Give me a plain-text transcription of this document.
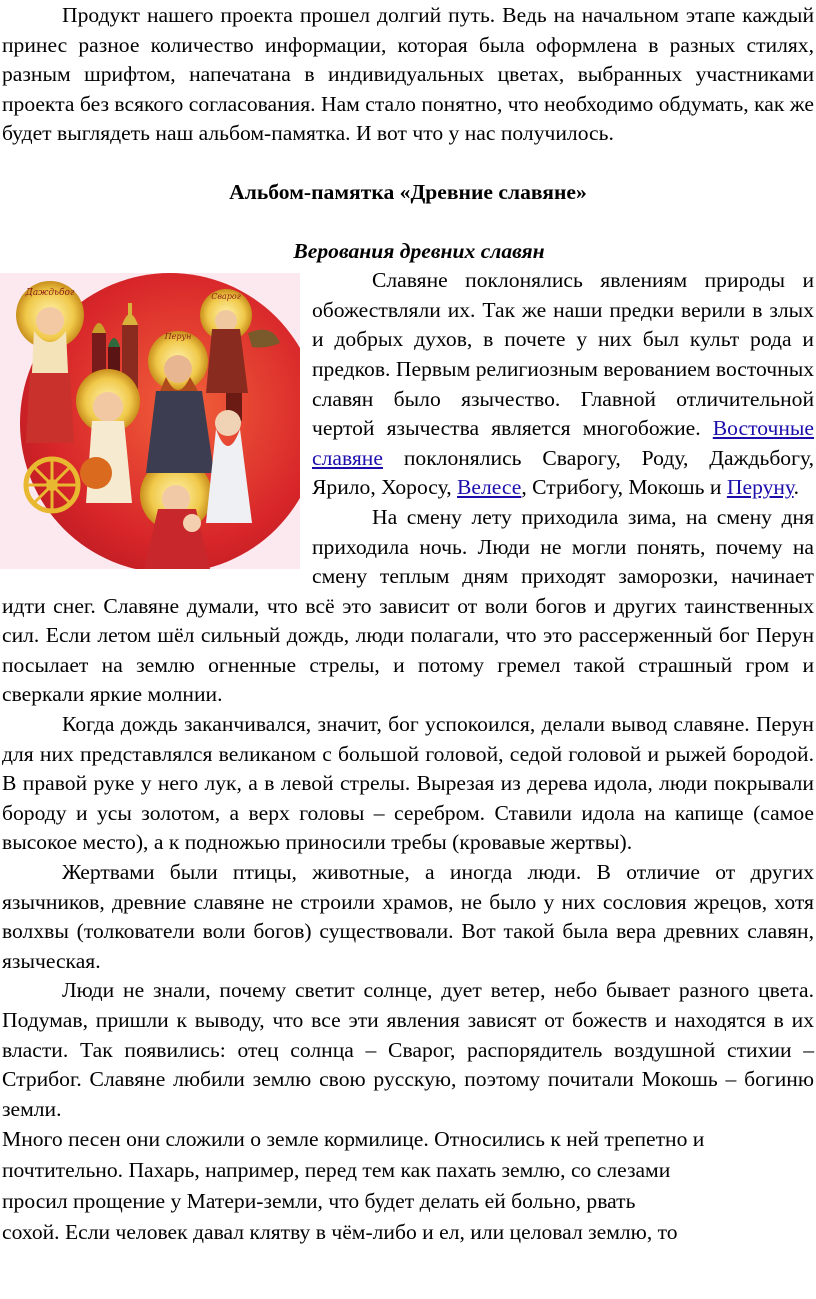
Продукт нашего проекта прошел долгий путь. Ведь на начальном этапе каждый принес разное количество информации, которая была оформлена в разных стилях, разным шрифтом, напечатана в индивидуальных цветах, выбранных участниками проекта без всякого согласования. Нам стало понятно, что необходимо обдумать, как же будет выглядеть наш альбом-памятка. И вот что у нас получилось.

Альбом-памятка «Древние славяне»

Верования древних славян

Даждьбог	Сварог
Перун

Славяне поклонялись явлениям природы и обожествляли их. Так же наши предки верили в злых и добрых духов, в почете у них был культ рода и предков. Первым религиозным верованием восточных славян было язычество. Главной отличительной чертой язычества является многобожие. Восточные славяне поклонялись Сварогу, Роду, Даждьбогу, Ярило, Хоросу, Велесе, Стрибогу, Мокошь и Перуну.

На смену лету приходила зима, на смену дня приходила ночь. Люди не могли понять, почему на смену теплым дням приходят заморозки, начинает идти снег. Славяне думали, что всё это зависит от воли богов и других таинственных сил. Если летом шёл сильный дождь, люди полагали, что это рассерженный бог Перун посылает на землю огненные стрелы, и потому гремел такой страшный гром и сверкали яркие молнии.

Когда дождь заканчивался, значит, бог успокоился, делали вывод славяне. Перун для них представлялся великаном с большой головой, седой головой и рыжей бородой. В правой руке у него лук, а в левой стрелы. Вырезая из дерева идола, люди покрывали бороду и усы золотом, а верх головы – серебром. Ставили идола на капище (самое высокое место), а к подножью приносили требы (кровавые жертвы).

Жертвами были птицы, животные, а иногда люди. В отличие от других язычников, древние славяне не строили храмов, не было у них сословия жрецов, хотя волхвы (толкователи воли богов) существовали. Вот такой была вера древних славян, языческая.

Люди не знали, почему светит солнце, дует ветер, небо бывает разного цвета. Подумав, пришли к выводу, что все эти явления зависят от божеств и находятся в их власти. Так появились: отец солнца – Сварог, распорядитель воздушной стихии – Стрибог. Славяне любили землю свою русскую, поэтому почитали Мокошь – богиню земли.

Много песен они сложили о земле кормилице. Относились к ней трепетно и

почтительно. Пахарь, например, перед тем как пахать землю, со слезами

просил прощение у Матери-земли, что будет делать ей больно, рвать

сохой. Если человек давал клятву в чём-либо и ел, или целовал землю, то
